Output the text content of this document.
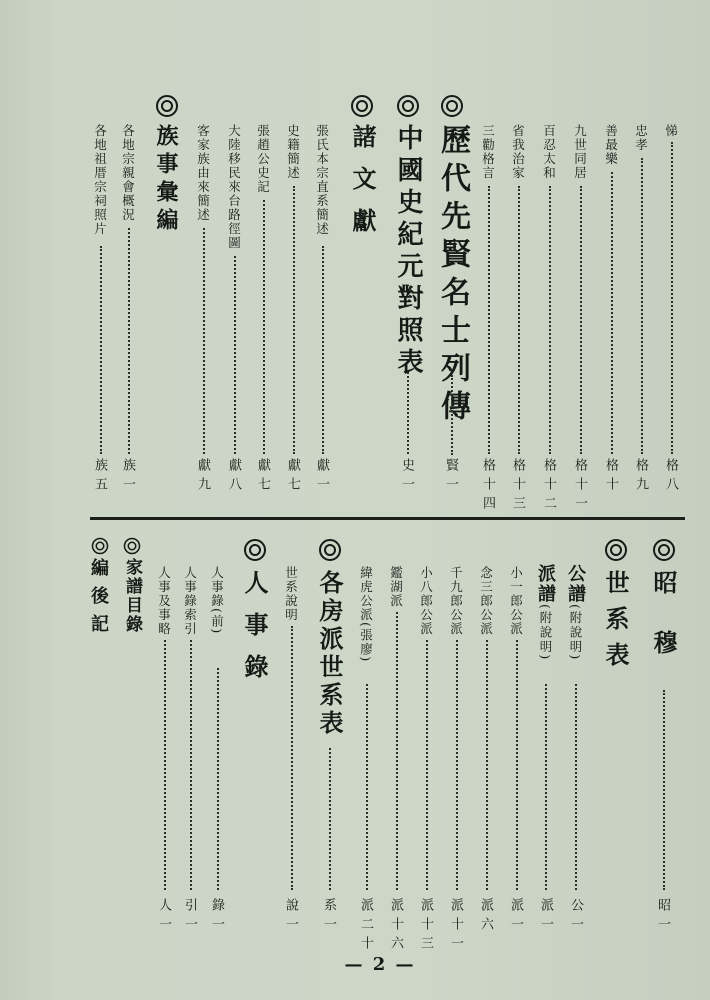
悌
格八
忠孝
格九
善最樂
格十
九世同居
格十一
百忍太和
格十二
省我治家
格十三
三勸格言
格十四
歷代先賢名士列傳
賢一
中國史紀元對照表
史一
諸文獻
張氏本宗直系簡述
獻一
史籍簡述
獻七
張趙公史記
獻七
大陸移民來台路徑圖
獻八
客家族由來簡述
獻九
族事彙編
各地宗親會概況
族一
各地祖厝宗祠照片
族五
昭穆
昭一
世系表
公譜(附說明)
公一
派譜(附說明)
派一
小一郎公派
派一
念三郎公派
派六
千九郎公派
派十一
小八郎公派
派十三
鑑湖派
派十六
緯虎公派(張廖)
派二十
各房派世系表
系一
世系說明
說一
人事錄
人事錄(前)
錄一
人事錄索引
引一
人事及事略
人一
家譜目錄
編後記
— 2 —
